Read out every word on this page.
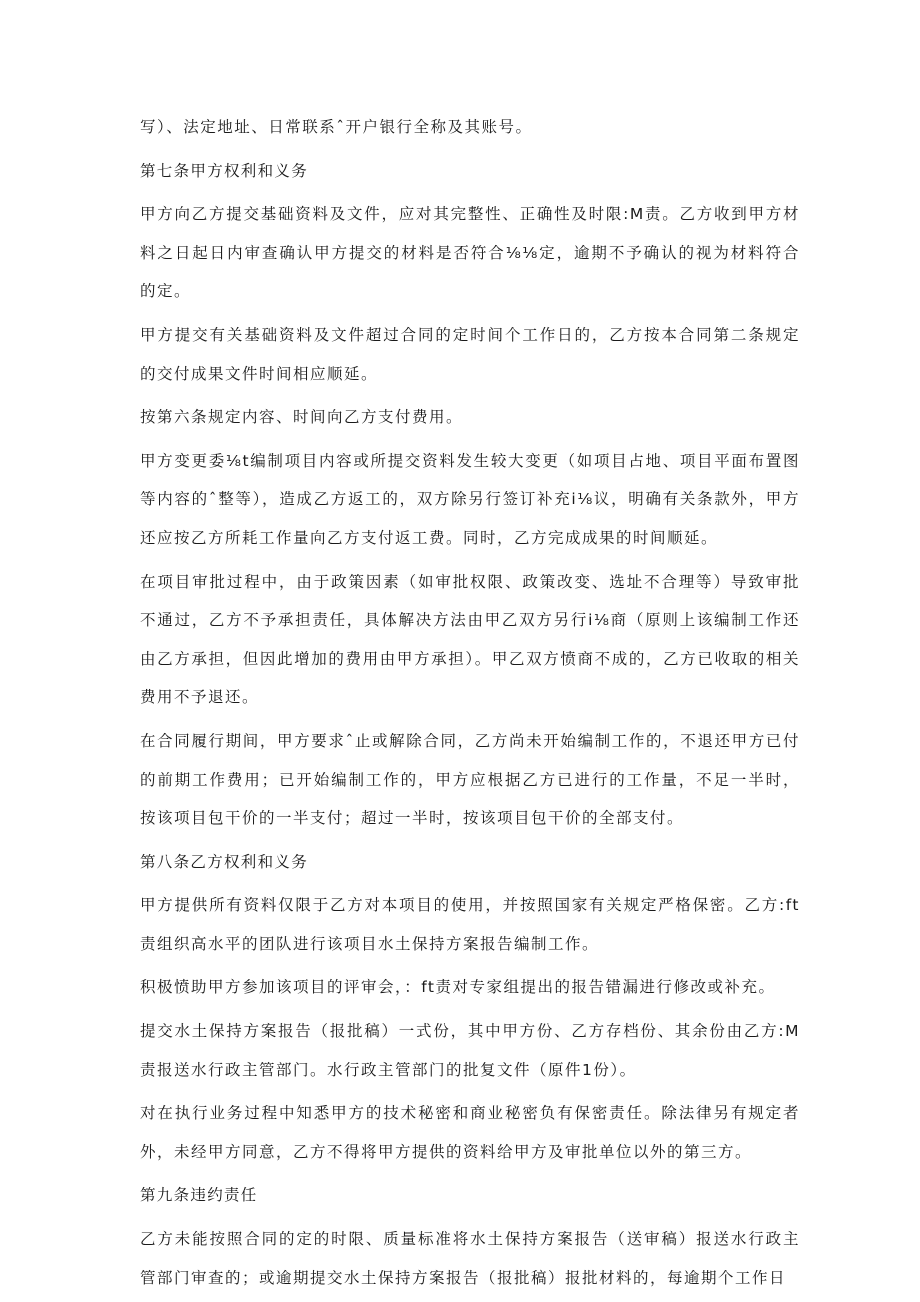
写）、法定地址、日常联系ˆ开户银行全称及其账号。

第七条甲方权利和义务

甲方向乙方提交基础资料及文件，应对其完整性、正确性及时限:M责。乙方收到甲方材料之日起日内审查确认甲方提交的材料是否符合⅛⅛定，逾期不予确认的视为材料符合的定。

甲方提交有关基础资料及文件超过合同的定时间个工作日的，乙方按本合同第二条规定的交付成果文件时间相应顺延。

按第六条规定内容、时间向乙方支付费用。

甲方变更委⅛t编制项目内容或所提交资料发生较大变更（如项目占地、项目平面布置图等内容的ˆ整等），造成乙方返工的，双方除另行签订补充i⅛议，明确有关条款外，甲方还应按乙方所耗工作量向乙方支付返工费。同时，乙方完成成果的时间顺延。

在项目审批过程中，由于政策因素（如审批权限、政策改变、选址不合理等）导致审批不通过，乙方不予承担责任，具体解决方法由甲乙双方另行i⅛商（原则上该编制工作还由乙方承担，但因此增加的费用由甲方承担）。甲乙双方愤商不成的，乙方已收取的相关费用不予退还。

在合同履行期间，甲方要求ˆ止或解除合同，乙方尚未开始编制工作的，不退还甲方已付的前期工作费用；已开始编制工作的，甲方应根据乙方已进行的工作量，不足一半时，按该项目包干价的一半支付；超过一半时，按该项目包干价的全部支付。

第八条乙方权利和义务

甲方提供所有资料仅限于乙方对本项目的使用，并按照国家有关规定严格保密。乙方:ft责组织高水平的团队进行该项目水土保持方案报告编制工作。

积极愤助甲方参加该项目的评审会，：ft责对专家组提出的报告错漏进行修改或补充。

提交水土保持方案报告（报批稿）一式份，其中甲方份、乙方存档份、其余份由乙方:M责报送水行政主管部门。水行政主管部门的批复文件（原件1份）。

对在执行业务过程中知悉甲方的技术秘密和商业秘密负有保密责任。除法律另有规定者外，未经甲方同意，乙方不得将甲方提供的资料给甲方及审批单位以外的第三方。

第九条违约责任

乙方未能按照合同的定的时限、质量标准将水土保持方案报告（送审稿）报送水行政主管部门审查的；或逾期提交水土保持方案报告（报批稿）报批材料的，每逾期个工作日
